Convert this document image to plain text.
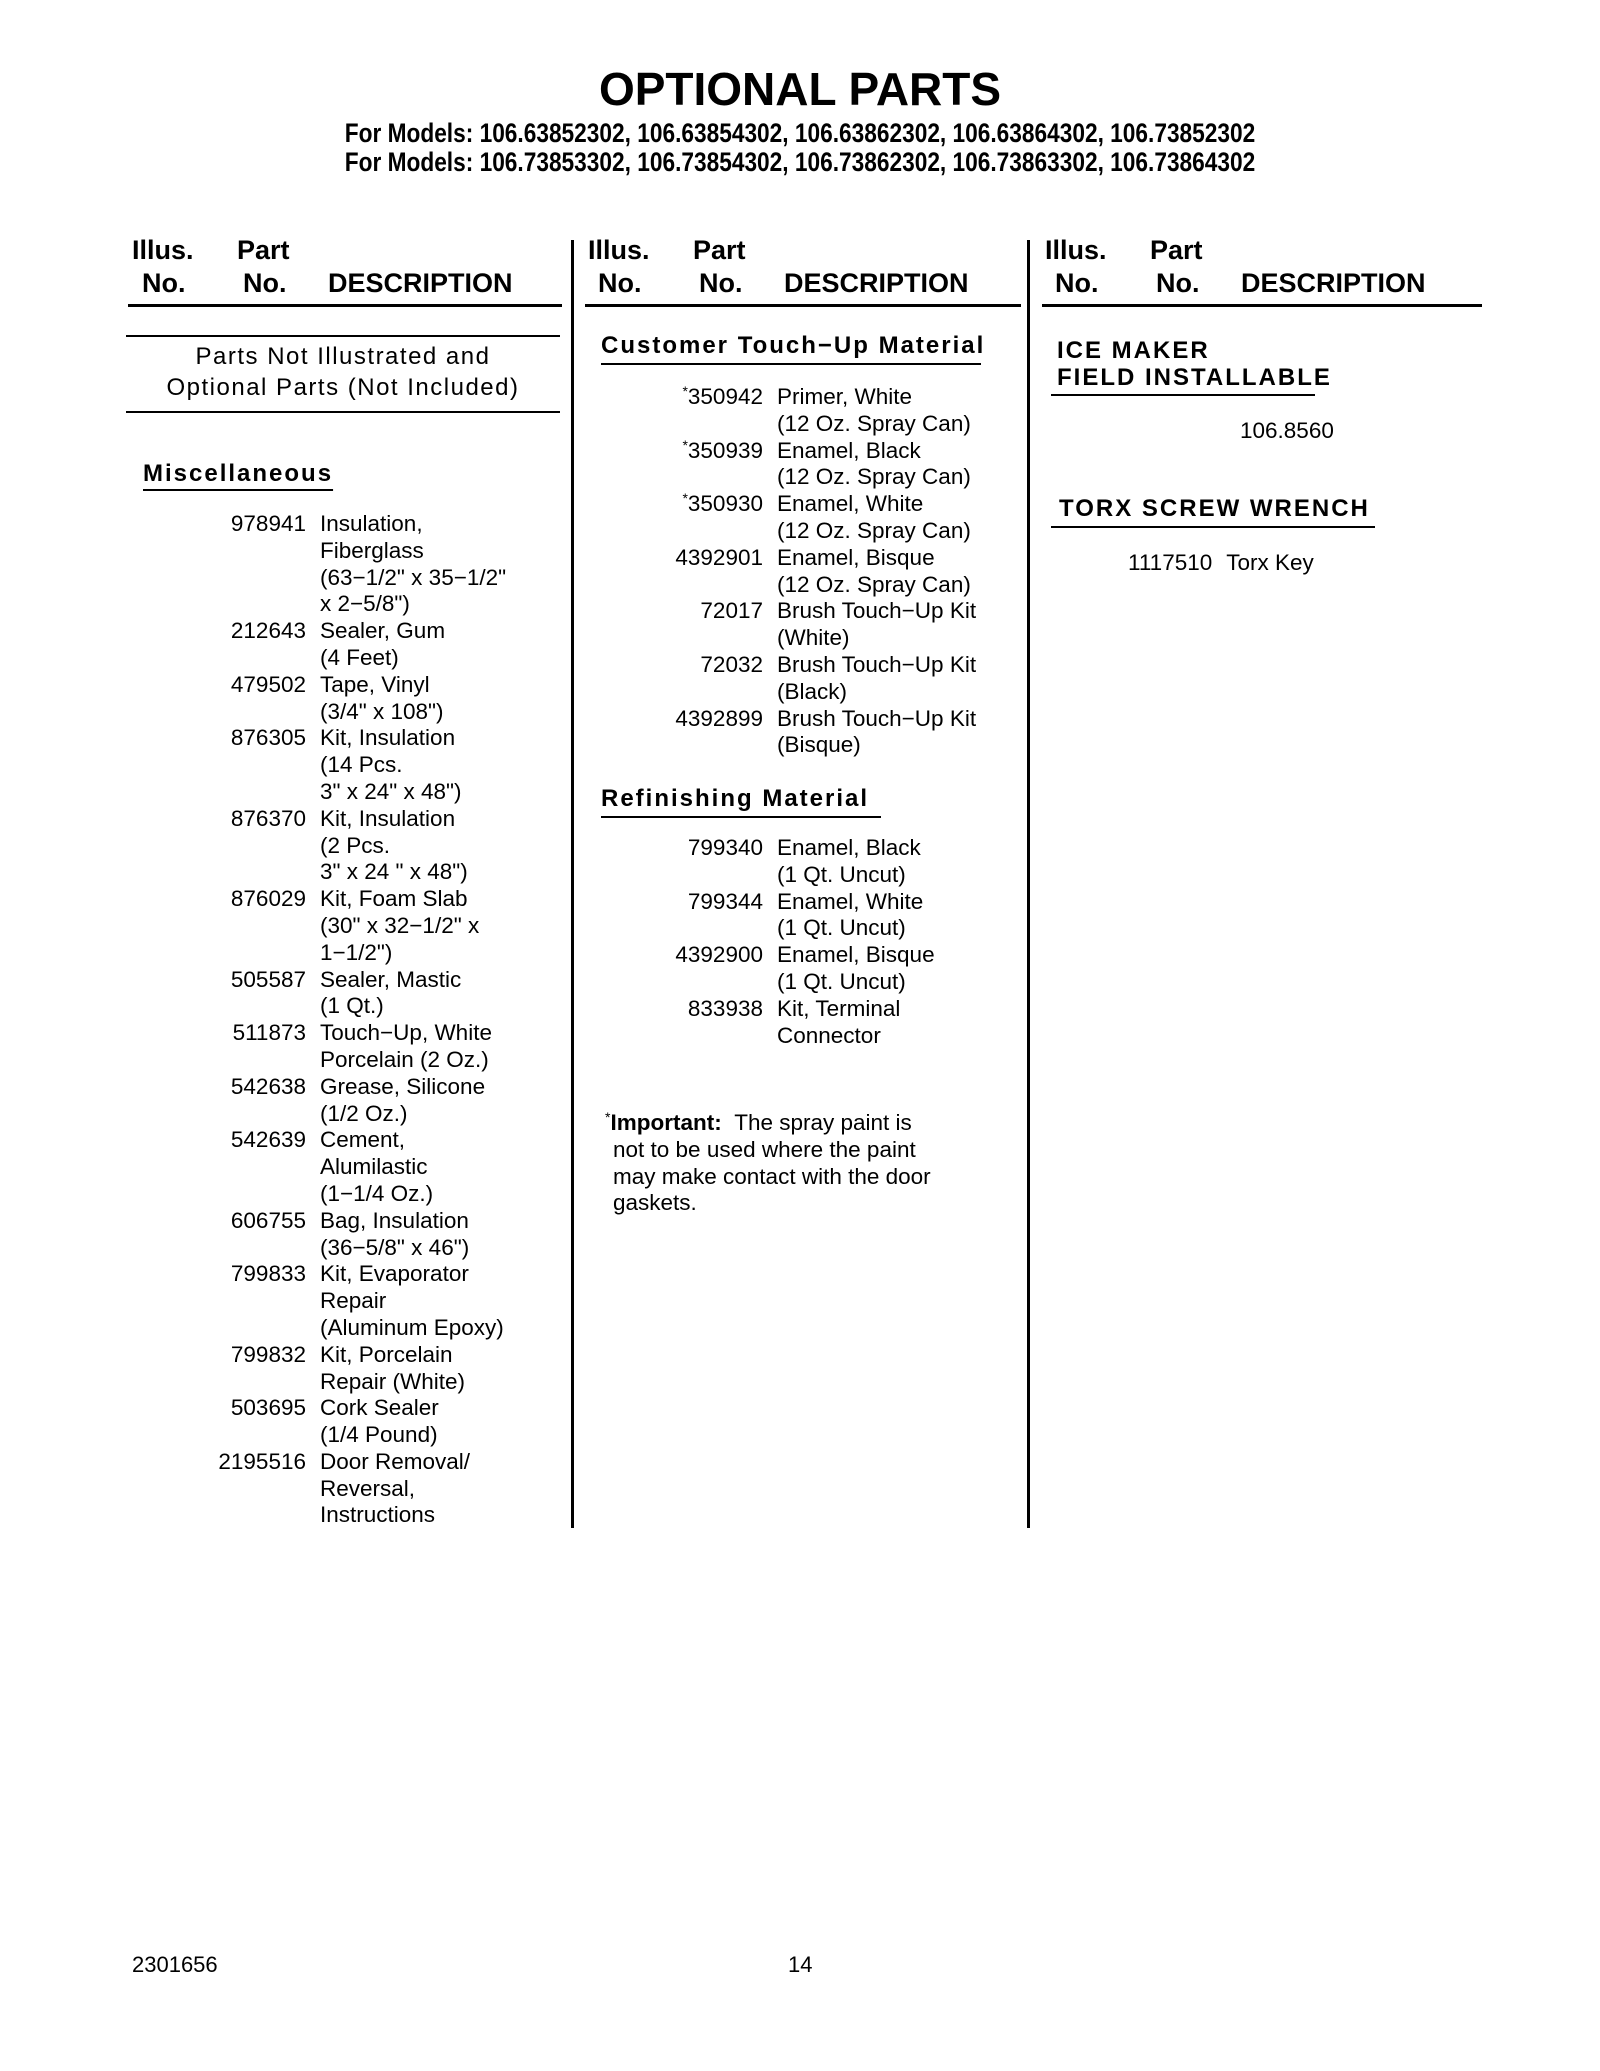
OPTIONAL PARTS
For Models: 106.63852302, 106.63854302, 106.63862302, 106.63864302, 106.73852302
For Models: 106.73853302, 106.73854302, 106.73862302, 106.73863302, 106.73864302
Illus. Part
No. No. DESCRIPTION
Illus. Part
No. No. DESCRIPTION
Illus. Part
No. No. DESCRIPTION
Parts Not Illustrated and
Optional Parts (Not Included)
Miscellaneous
978941 Insulation,
Fiberglass
(63−1/2" x 35−1/2"
x 2−5/8")
212643 Sealer, Gum
(4 Feet)
479502 Tape, Vinyl
(3/4" x 108")
876305 Kit, Insulation
(14 Pcs.
3" x 24" x 48")
876370 Kit, Insulation
(2 Pcs.
3" x 24 " x 48")
876029 Kit, Foam Slab
(30" x 32−1/2" x
1−1/2")
505587 Sealer, Mastic
(1 Qt.)
511873 Touch−Up, White
Porcelain (2 Oz.)
542638 Grease, Silicone
(1/2 Oz.)
542639 Cement,
Alumilastic
(1−1/4 Oz.)
606755 Bag, Insulation
(36−5/8" x 46")
799833 Kit, Evaporator
Repair
(Aluminum Epoxy)
799832 Kit, Porcelain
Repair (White)
503695 Cork Sealer
(1/4 Pound)
2195516 Door Removal/
Reversal,
Instructions
Customer Touch−Up Material
*350942 Primer, White
(12 Oz. Spray Can)
*350939 Enamel, Black
(12 Oz. Spray Can)
*350930 Enamel, White
(12 Oz. Spray Can)
4392901 Enamel, Bisque
(12 Oz. Spray Can)
72017 Brush Touch−Up Kit
(White)
72032 Brush Touch−Up Kit
(Black)
4392899 Brush Touch−Up Kit
(Bisque)
Refinishing Material
799340 Enamel, Black
(1 Qt. Uncut)
799344 Enamel, White
(1 Qt. Uncut)
4392900 Enamel, Bisque
(1 Qt. Uncut)
833938 Kit, Terminal
Connector
*Important: The spray paint is
not to be used where the paint
may make contact with the door
gaskets.
ICE MAKER
FIELD INSTALLABLE
106.8560
TORX SCREW WRENCH
1117510 Torx Key
2301656	14
